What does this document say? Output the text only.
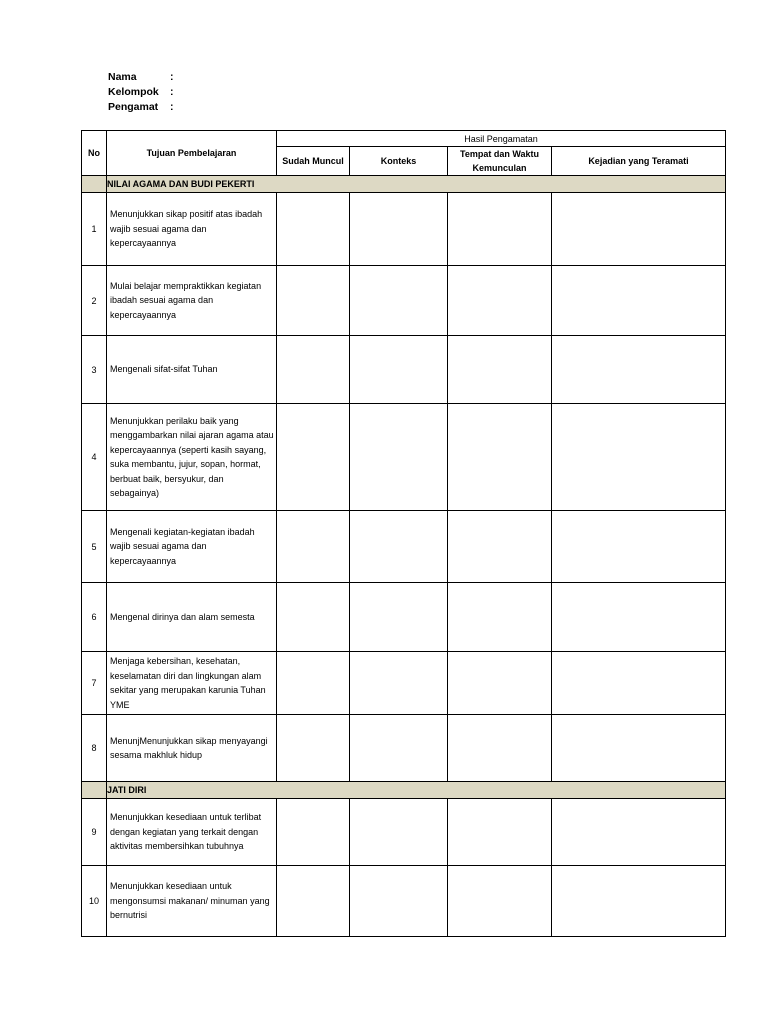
Nama	:
Kelompok	:
Pengamat	:
No	Tujuan Pembelajaran	Hasil Pengamatan			
		Sudah Muncul	Konteks	Tempat dan Waktu Kemunculan	Kejadian yang Teramati
	NILAI AGAMA DAN BUDI PEKERTI				
1	Menunjukkan sikap positif atas ibadah wajib sesuai agama dan kepercayaannya				
2	Mulai belajar mempraktikkan kegiatan ibadah sesuai agama dan kepercayaannya				
3	Mengenali sifat-sifat Tuhan				
4	Menunjukkan perilaku baik yang menggambarkan nilai ajaran agama atau kepercayaannya (seperti kasih sayang, suka membantu, jujur, sopan, hormat, berbuat baik, bersyukur, dan sebagainya)				
5	Mengenali kegiatan-kegiatan ibadah wajib sesuai agama dan kepercayaannya				
6	Mengenal dirinya dan alam semesta				
7	Menjaga kebersihan, kesehatan, keselamatan diri dan lingkungan alam sekitar yang merupakan karunia Tuhan YME				
8	MenunjMenunjukkan sikap menyayangi sesama makhluk hidup				
	JATI DIRI				
9	Menunjukkan kesediaan untuk terlibat dengan kegiatan yang terkait dengan aktivitas membersihkan tubuhnya				
10	Menunjukkan kesediaan untuk mengonsumsi makanan/ minuman yang bernutrisi				
